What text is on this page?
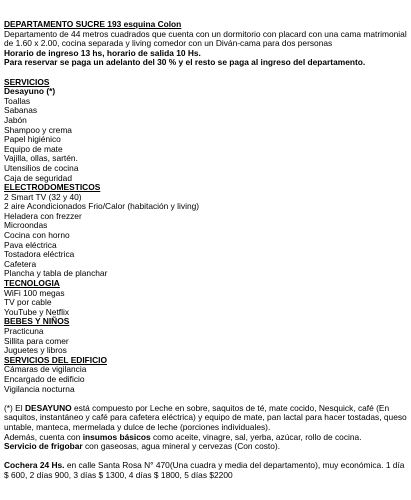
DEPARTAMENTO SUCRE 193 esquina Colon
Departamento de 44 metros cuadrados que cuenta con un dormitorio con placard con una cama matrimonial de 1.60 x 2.00, cocina separada y living comedor con un Diván-cama para dos personas
Horario de ingreso 13 hs, horario de salida 10 Hs.
Para reservar se paga un adelanto del 30 % y el resto se paga al ingreso del departamento.
SERVICIOS
Desayuno (*)
Toallas
Sabanas
Jabón
Shampoo y crema
Papel higiénico
Equipo de mate
Vajilla, ollas, sartén.
Utensilios de cocina
Caja de seguridad
ELECTRODOMESTICOS
2 Smart TV (32 y 40)
2 aire Acondicionados Frio/Calor (habitación y living)
Heladera con frezzer
Microondas
Cocina con horno
Pava eléctrica
Tostadora eléctrica
Cafetera
Plancha y tabla de planchar
TECNOLOGIA
WiFi 100 megas
TV por cable
YouTube y Netflix
BEBES Y NIÑOS
Practicuna
Sillita para comer
Juguetes y libros
SERVICIOS DEL EDIFICIO
Cámaras de vigilancia
Encargado de edificio
Vigilancia nocturna
(*) El DESAYUNO está compuesto por Leche en sobre, saquitos de té, mate cocido, Nesquick, café (En saquitos, instantáneo y café para cafetera eléctrica) y equipo de mate, pan lactal para hacer tostadas, queso untable, manteca, mermelada y dulce de leche (porciones individuales).
Además, cuenta con insumos básicos como aceite, vinagre, sal, yerba, azúcar, rollo de cocina.
Servicio de frigobar con gaseosas, agua mineral y cervezas (Con costo).
Cochera 24 Hs. en calle Santa Rosa N° 470(Una cuadra y media del departamento), muy económica. 1 día $ 600, 2 días 900, 3 días $ 1300, 4 días $ 1800, 5 días $2200
